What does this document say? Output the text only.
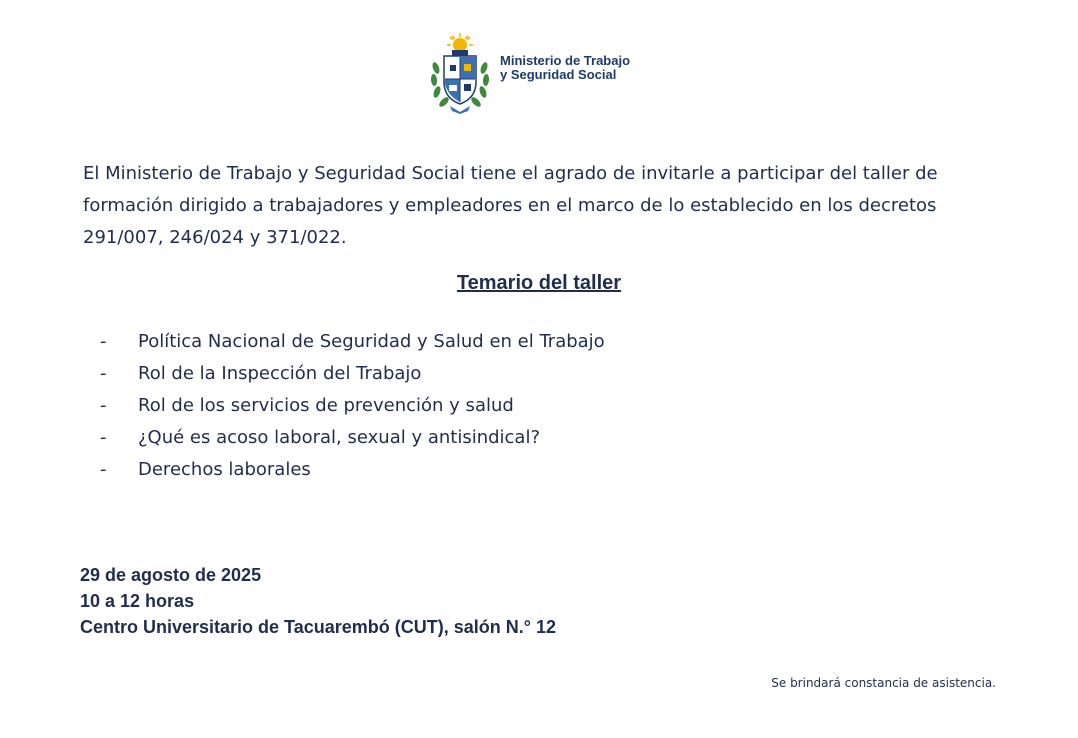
Ministerio de Trabajo
y Seguridad Social

El Ministerio de Trabajo y Seguridad Social tiene el agrado de invitarle a participar del taller de formación dirigido a trabajadores y empleadores en el marco de lo establecido en los decretos 291/007, 246/024 y 371/022.

Temario del taller
-	Política Nacional de Seguridad y Salud en el Trabajo
-	Rol de la Inspección del Trabajo
-	Rol de los servicios de prevención y salud
-	¿Qué es acoso laboral, sexual y antisindical?
-	Derechos laborales
29 de agosto de 2025
10 a 12 horas
Centro Universitario de Tacuarembó (CUT), salón N.° 12
Se brindará constancia de asistencia.
